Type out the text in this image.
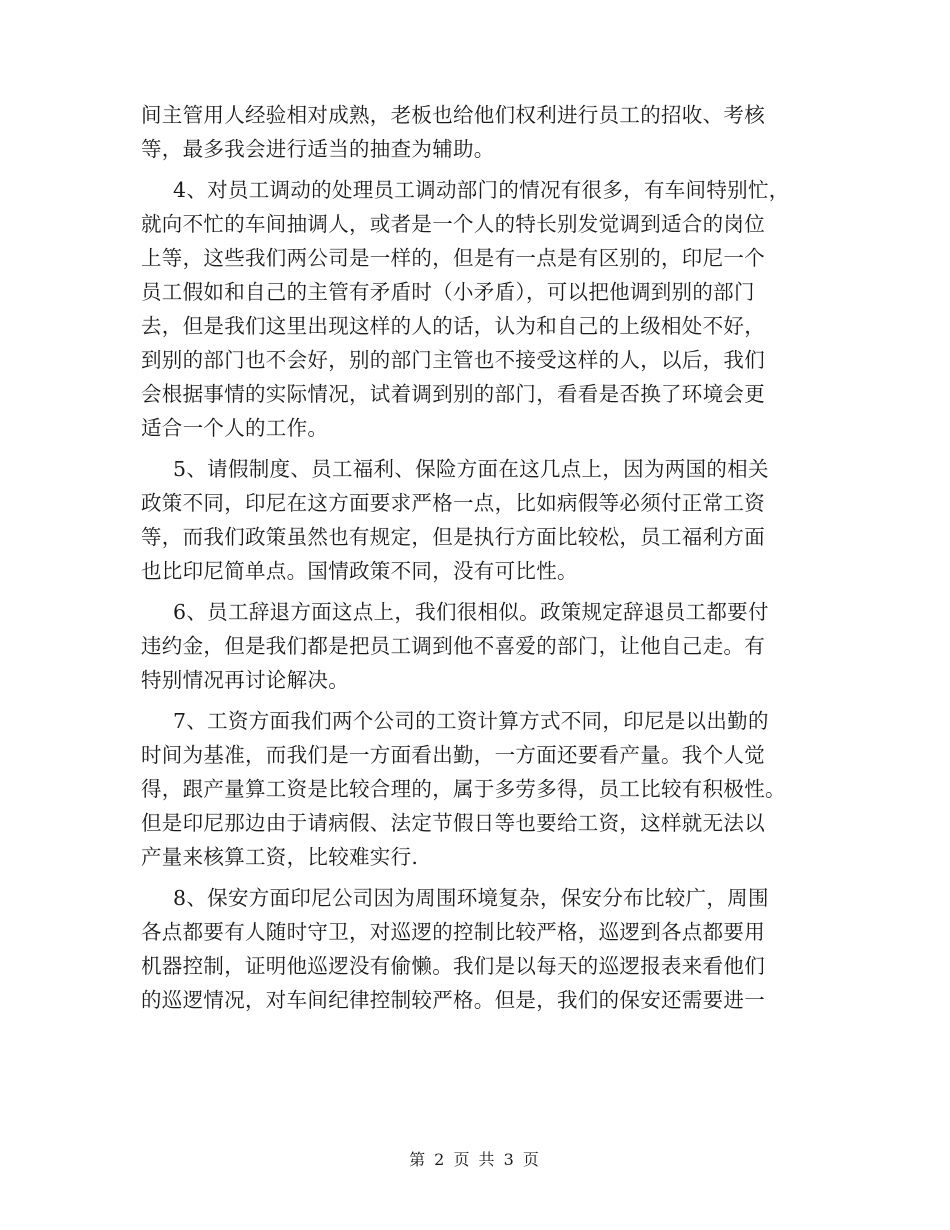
间主管用人经验相对成熟，老板也给他们权利进行员工的招收、考核
等，最多我会进行适当的抽查为辅助。
4、对员工调动的处理员工调动部门的情况有很多，有车间特别忙，
就向不忙的车间抽调人，或者是一个人的特长别发觉调到适合的岗位
上等，这些我们两公司是一样的，但是有一点是有区别的，印尼一个
员工假如和自己的主管有矛盾时（小矛盾），可以把他调到别的部门
去，但是我们这里出现这样的人的话，认为和自己的上级相处不好，
到别的部门也不会好，别的部门主管也不接受这样的人，以后，我们
会根据事情的实际情况，试着调到别的部门，看看是否换了环境会更
适合一个人的工作。
5、请假制度、员工福利、保险方面在这几点上，因为两国的相关
政策不同，印尼在这方面要求严格一点，比如病假等必须付正常工资
等，而我们政策虽然也有规定，但是执行方面比较松，员工福利方面
也比印尼简单点。国情政策不同，没有可比性。
6、员工辞退方面这点上，我们很相似。政策规定辞退员工都要付
违约金，但是我们都是把员工调到他不喜爱的部门，让他自己走。有
特别情况再讨论解决。
7、工资方面我们两个公司的工资计算方式不同，印尼是以出勤的
时间为基准，而我们是一方面看出勤，一方面还要看产量。我个人觉
得，跟产量算工资是比较合理的，属于多劳多得，员工比较有积极性。
但是印尼那边由于请病假、法定节假日等也要给工资，这样就无法以
产量来核算工资，比较难实行.
8、保安方面印尼公司因为周围环境复杂，保安分布比较广，周围
各点都要有人随时守卫，对巡逻的控制比较严格，巡逻到各点都要用
机器控制，证明他巡逻没有偷懒。我们是以每天的巡逻报表来看他们
的巡逻情况，对车间纪律控制较严格。但是，我们的保安还需要进一
第 2 页 共 3 页
